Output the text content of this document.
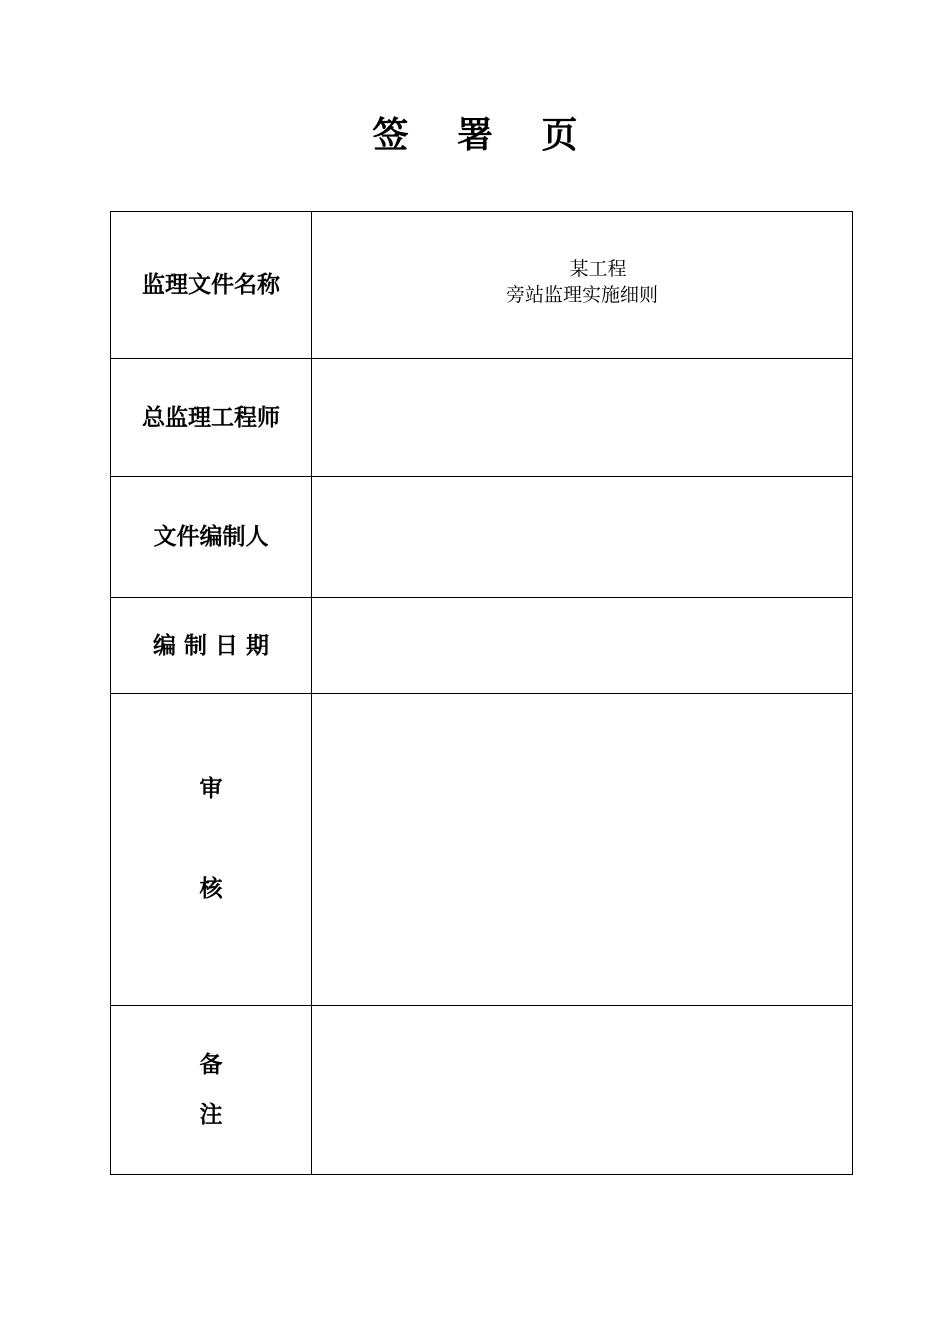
签 署 页
监理文件名称	某工程
旁站监理实施细则

总监理工程师	
文件编制人	
编 制 日 期	

审
核	

备
注	
